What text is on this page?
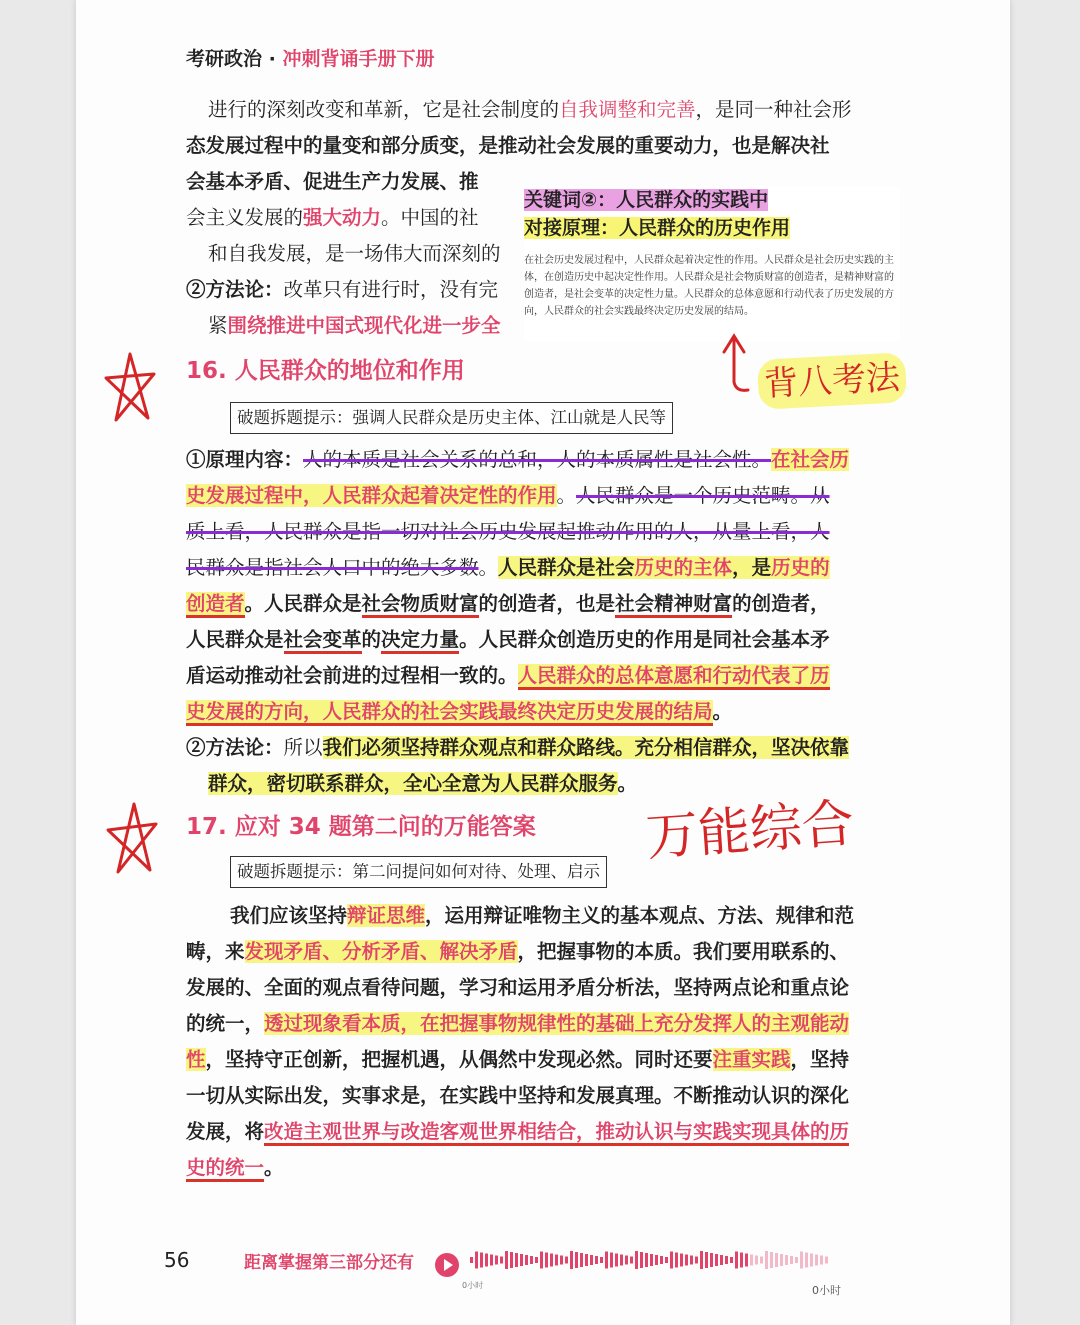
考研政治 · 冲刺背诵手册下册
进行的深刻改变和革新，它是社会制度的自我调整和完善，是同一种社会形
态发展过程中的量变和部分质变，是推动社会发展的重要动力，也是解决社
会基本矛盾、促进生产力发展、推
会主义发展的强大动力。中国的社
和自我发展，是一场伟大而深刻的
②方法论：改革只有进行时，没有完
紧围绕推进中国式现代化进一步全
关键词②：人民群众的实践中
对接原理：人民群众的历史作用
在社会历史发展过程中，人民群众起着决定性的作用。人民群众是社会历史实践的主体，在创造历史中起决定性作用。人民群众是社会物质财富的创造者，是精神财富的创造者，是社会变革的决定性力量。人民群众的总体意愿和行动代表了历史发展的方向，人民群众的社会实践最终决定历史发展的结局。
背八考法
16. 人民群众的地位和作用
破题拆题提示：强调人民群众是历史主体、江山就是人民等
①原理内容：人的本质是社会关系的总和，人的本质属性是社会性。在社会历
史发展过程中，人民群众起着决定性的作用。人民群众是一个历史范畴。从
质上看，人民群众是指一切对社会历史发展起推动作用的人，从量上看，人
民群众是指社会人口中的绝大多数。人民群众是社会历史的主体，是历史的
创造者。人民群众是社会物质财富的创造者，也是社会精神财富的创造者，
人民群众是社会变革的决定力量。人民群众创造历史的作用是同社会基本矛
盾运动推动社会前进的过程相一致的。人民群众的总体意愿和行动代表了历
史发展的方向，人民群众的社会实践最终决定历史发展的结局。
②方法论：所以我们必须坚持群众观点和群众路线。充分相信群众，坚决依靠
群众，密切联系群众，全心全意为人民群众服务。
17. 应对 34 题第二问的万能答案 万能综合
破题拆题提示：第二问提问如何对待、处理、启示
我们应该坚持辩证思维，运用辩证唯物主义的基本观点、方法、规律和范
畴，来发现矛盾、分析矛盾、解决矛盾，把握事物的本质。我们要用联系的、
发展的、全面的观点看待问题，学习和运用矛盾分析法，坚持两点论和重点论
的统一，透过现象看本质，在把握事物规律性的基础上充分发挥人的主观能动
性，坚持守正创新，把握机遇，从偶然中发现必然。同时还要注重实践，坚持
一切从实际出发，实事求是，在实践中坚持和发展真理。不断推动认识的深化
发展，将改造主观世界与改造客观世界相结合，推动认识与实践实现具体的历
史的统一。
56	距离掌握第三部分还有
0小时	0小时
